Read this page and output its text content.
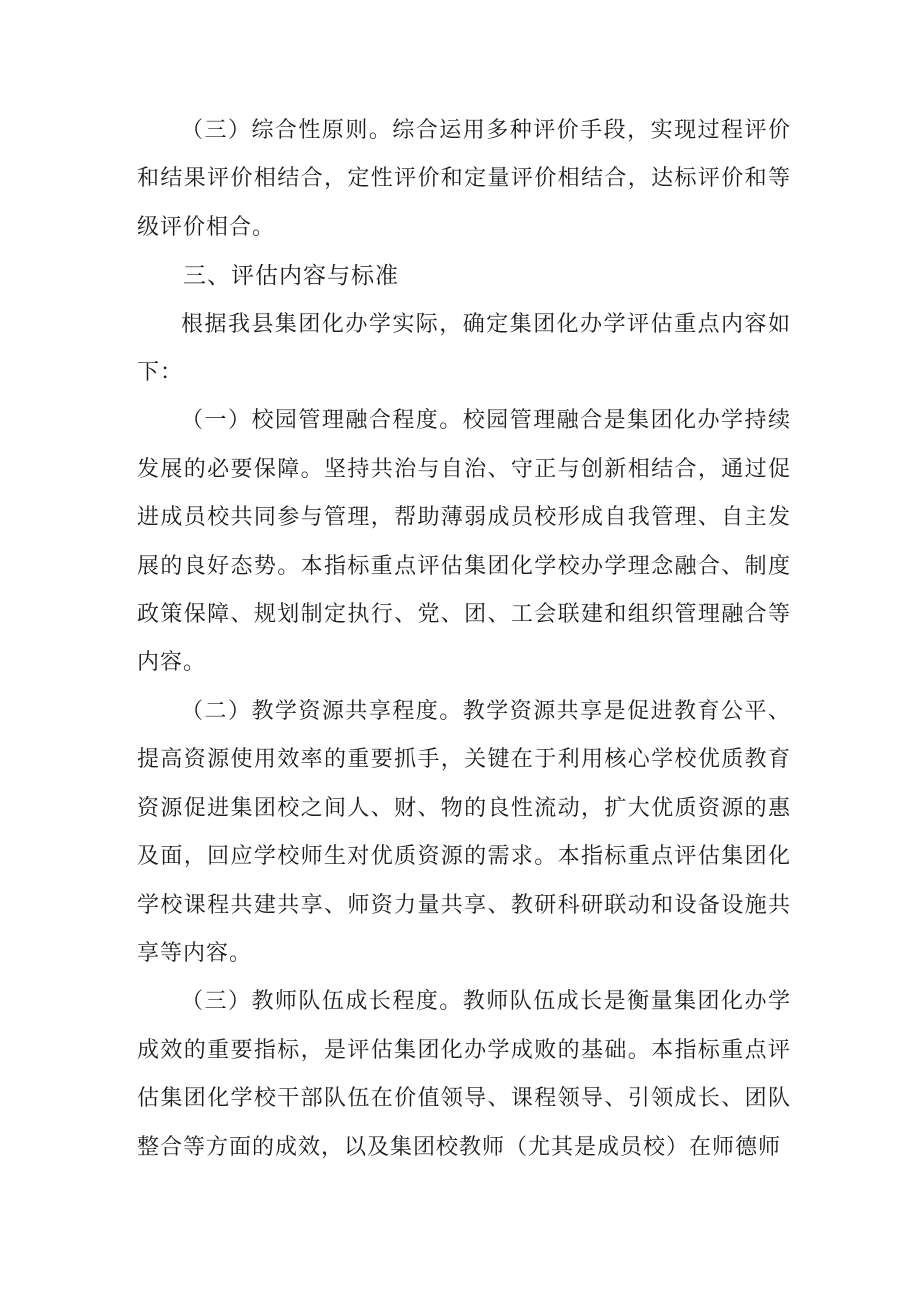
（三）综合性原则。综合运用多种评价手段，实现过程评价和结果评价相结合，定性评价和定量评价相结合，达标评价和等级评价相合。

三、评估内容与标准

根据我县集团化办学实际，确定集团化办学评估重点内容如下：

（一）校园管理融合程度。校园管理融合是集团化办学持续发展的必要保障。坚持共治与自治、守正与创新相结合，通过促进成员校共同参与管理，帮助薄弱成员校形成自我管理、自主发展的良好态势。本指标重点评估集团化学校办学理念融合、制度政策保障、规划制定执行、党、团、工会联建和组织管理融合等内容。

（二）教学资源共享程度。教学资源共享是促进教育公平、提高资源使用效率的重要抓手，关键在于利用核心学校优质教育资源促进集团校之间人、财、物的良性流动，扩大优质资源的惠及面，回应学校师生对优质资源的需求。本指标重点评估集团化学校课程共建共享、师资力量共享、教研科研联动和设备设施共享等内容。

（三）教师队伍成长程度。教师队伍成长是衡量集团化办学成效的重要指标，是评估集团化办学成败的基础。本指标重点评估集团化学校干部队伍在价值领导、课程领导、引领成长、团队整合等方面的成效，以及集团校教师（尤其是成员校）在师德师
